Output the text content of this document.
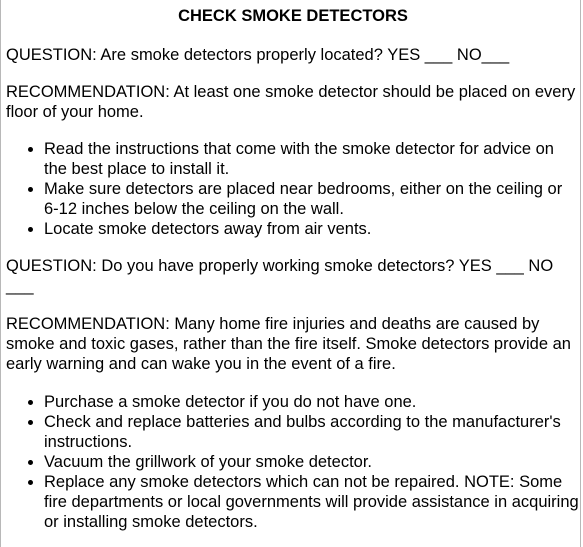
CHECK SMOKE DETECTORS

QUESTION: Are smoke detectors properly located? YES ___ NO___

RECOMMENDATION: At least one smoke detector should be placed on every floor of your home.

• Read the instructions that come with the smoke detector for advice on the best place to install it.
• Make sure detectors are placed near bedrooms, either on the ceiling or 6-12 inches below the ceiling on the wall.
• Locate smoke detectors away from air vents.

QUESTION: Do you have properly working smoke detectors? YES ___ NO ___

RECOMMENDATION: Many home fire injuries and deaths are caused by smoke and toxic gases, rather than the fire itself. Smoke detectors provide an early warning and can wake you in the event of a fire.

• Purchase a smoke detector if you do not have one.
• Check and replace batteries and bulbs according to the manufacturer's instructions.
• Vacuum the grillwork of your smoke detector.
• Replace any smoke detectors which can not be repaired. NOTE: Some fire departments or local governments will provide assistance in acquiring or installing smoke detectors.
